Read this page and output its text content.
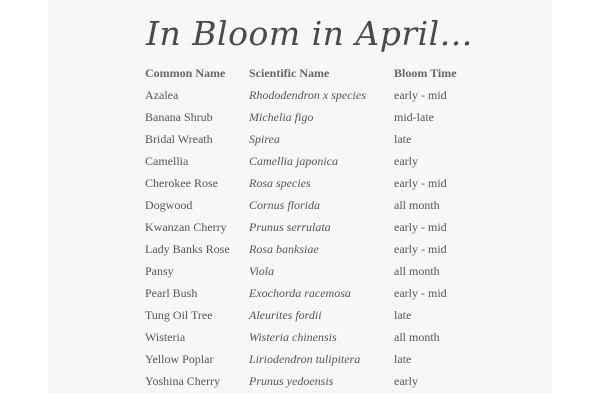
In Bloom in April...
Common Name	Scientific Name	Bloom Time
Azalea	Rhododendron x species	early - mid
Banana Shrub	Michelia figo	mid-late
Bridal Wreath	Spirea	late
Camellia	Camellia japonica	early
Cherokee Rose	Rosa species	early - mid
Dogwood	Cornus florida	all month
Kwanzan Cherry	Prunus serrulata	early - mid
Lady Banks Rose	Rosa banksiae	early - mid
Pansy	Viola	all month
Pearl Bush	Exochorda racemosa	early - mid
Tung Oil Tree	Aleurites fordii	late
Wisteria	Wisteria chinensis	all month
Yellow Poplar	Liriodendron tulipitera	late
Yoshina Cherry	Prunus yedoensis	early
